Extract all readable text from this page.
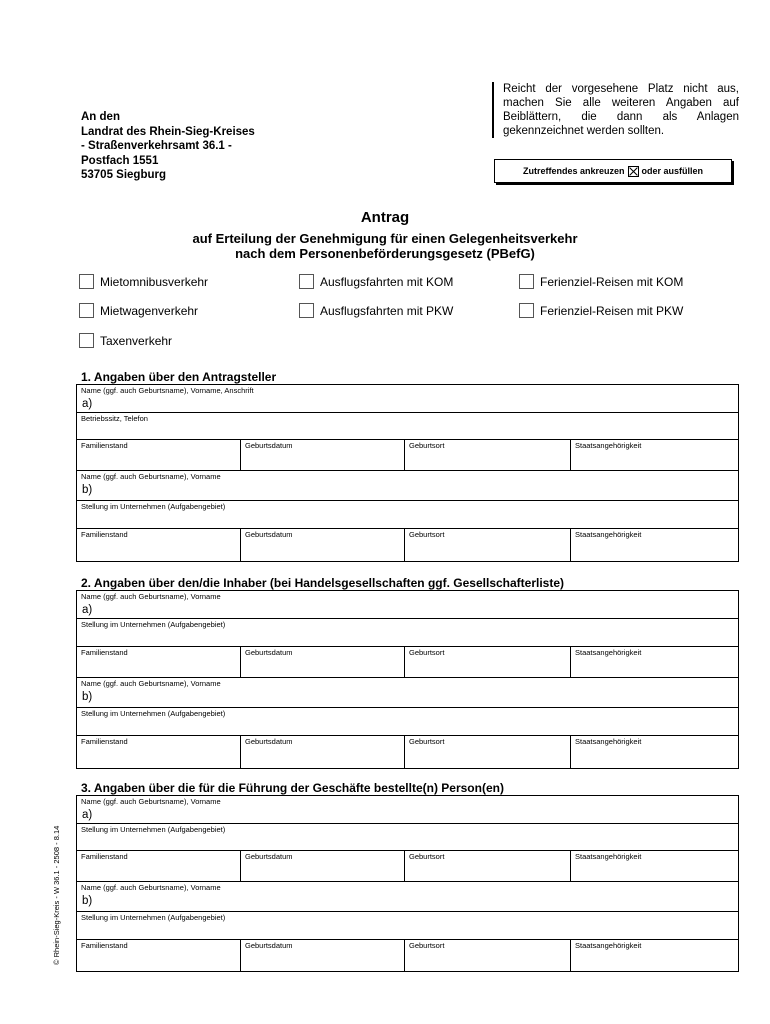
An den
Landrat des Rhein-Sieg-Kreises
- Straßenverkehrsamt 36.1 -
Postfach 1551
53705 Siegburg
Reicht der vorgesehene Platz nicht aus, machen Sie alle weiteren Angaben auf Beiblättern, die dann als Anlagen gekennzeichnet werden sollten.
Zutreffendes ankreuzen ☒ oder ausfüllen
Antrag
auf Erteilung der Genehmigung für einen Gelegenheitsverkehr
nach dem Personenbeförderungsgesetz (PBefG)
Mietomnibusverkehr	Ausflugsfahrten mit KOM	Ferienziel-Reisen mit KOM
Mietwagenverkehr	Ausflugsfahrten mit PKW	Ferienziel-Reisen mit PKW
Taxenverkehr
1. Angaben über den Antragsteller
Name (ggf. auch Geburtsname), Vorname, Anschrift
a)
Betriebssitz, Telefon
Familienstand	Geburtsdatum	Geburtsort	Staatsangehörigkeit
Name (ggf. auch Geburtsname), Vorname
b)
Stellung im Unternehmen (Aufgabengebiet)
Familienstand	Geburtsdatum	Geburtsort	Staatsangehörigkeit
2. Angaben über den/die Inhaber (bei Handelsgesellschaften ggf. Gesellschafterliste)
Name (ggf. auch Geburtsname), Vorname
a)
Stellung im Unternehmen (Aufgabengebiet)
Familienstand	Geburtsdatum	Geburtsort	Staatsangehörigkeit
Name (ggf. auch Geburtsname), Vorname
b)
Stellung im Unternehmen (Aufgabengebiet)
Familienstand	Geburtsdatum	Geburtsort	Staatsangehörigkeit
3. Angaben über die für die Führung der Geschäfte bestellte(n) Person(en)
Name (ggf. auch Geburtsname), Vorname
a)
Stellung im Unternehmen (Aufgabengebiet)
Familienstand	Geburtsdatum	Geburtsort	Staatsangehörigkeit
Name (ggf. auch Geburtsname), Vorname
b)
Stellung im Unternehmen (Aufgabengebiet)
Familienstand	Geburtsdatum	Geburtsort	Staatsangehörigkeit
© Rhein-Sieg-Kreis - W 36.1 - 2508 - 8.14
